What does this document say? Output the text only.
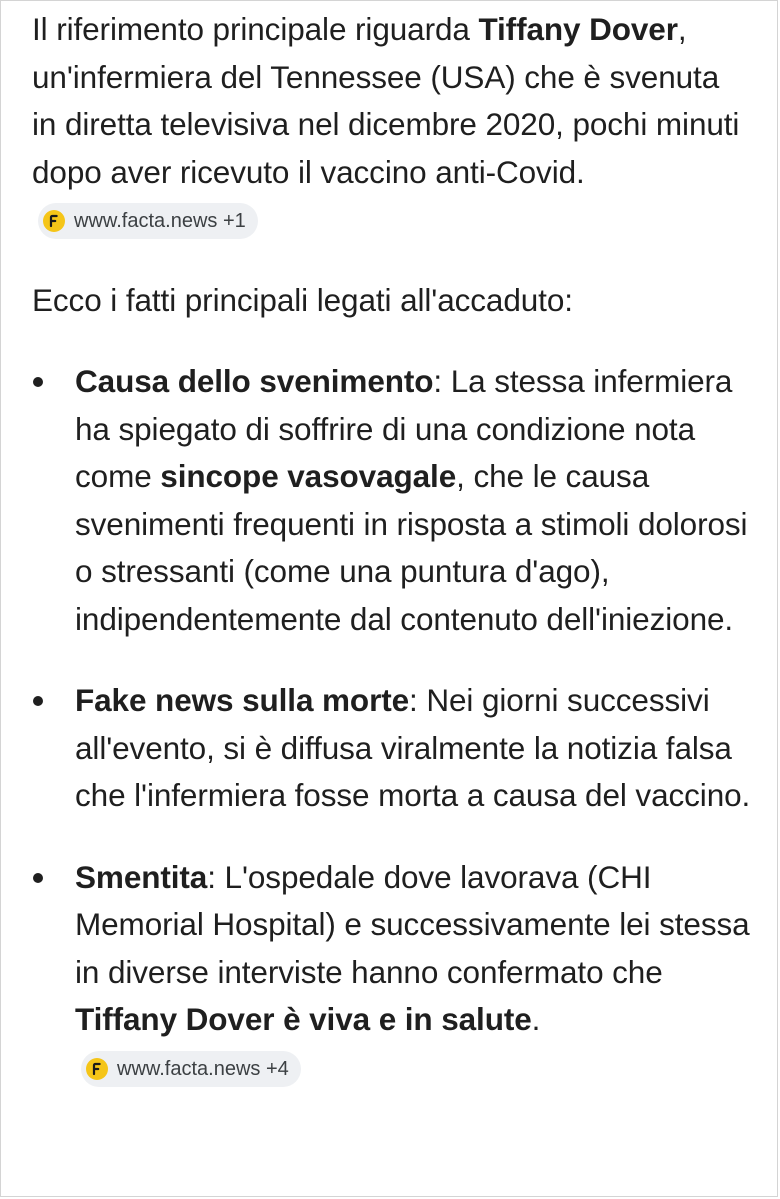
Il riferimento principale riguarda Tiffany Dover, un'infermiera del Tennessee (USA) che è svenuta in diretta televisiva nel dicembre 2020, pochi minuti dopo aver ricevuto il vaccino anti-Covid.
www.facta.news +1

Ecco i fatti principali legati all'accaduto:

Causa dello svenimento: La stessa infermiera ha spiegato di soffrire di una condizione nota come sincope vasovagale, che le causa svenimenti frequenti in risposta a stimoli dolorosi o stressanti (come una puntura d'ago), indipendentemente dal contenuto dell'iniezione.
Fake news sulla morte: Nei giorni successivi all'evento, si è diffusa viralmente la notizia falsa che l'infermiera fosse morta a causa del vaccino.
Smentita: L'ospedale dove lavorava (CHI Memorial Hospital) e successivamente lei stessa in diverse interviste hanno confermato che Tiffany Dover è viva e in salute.
www.facta.news +4
